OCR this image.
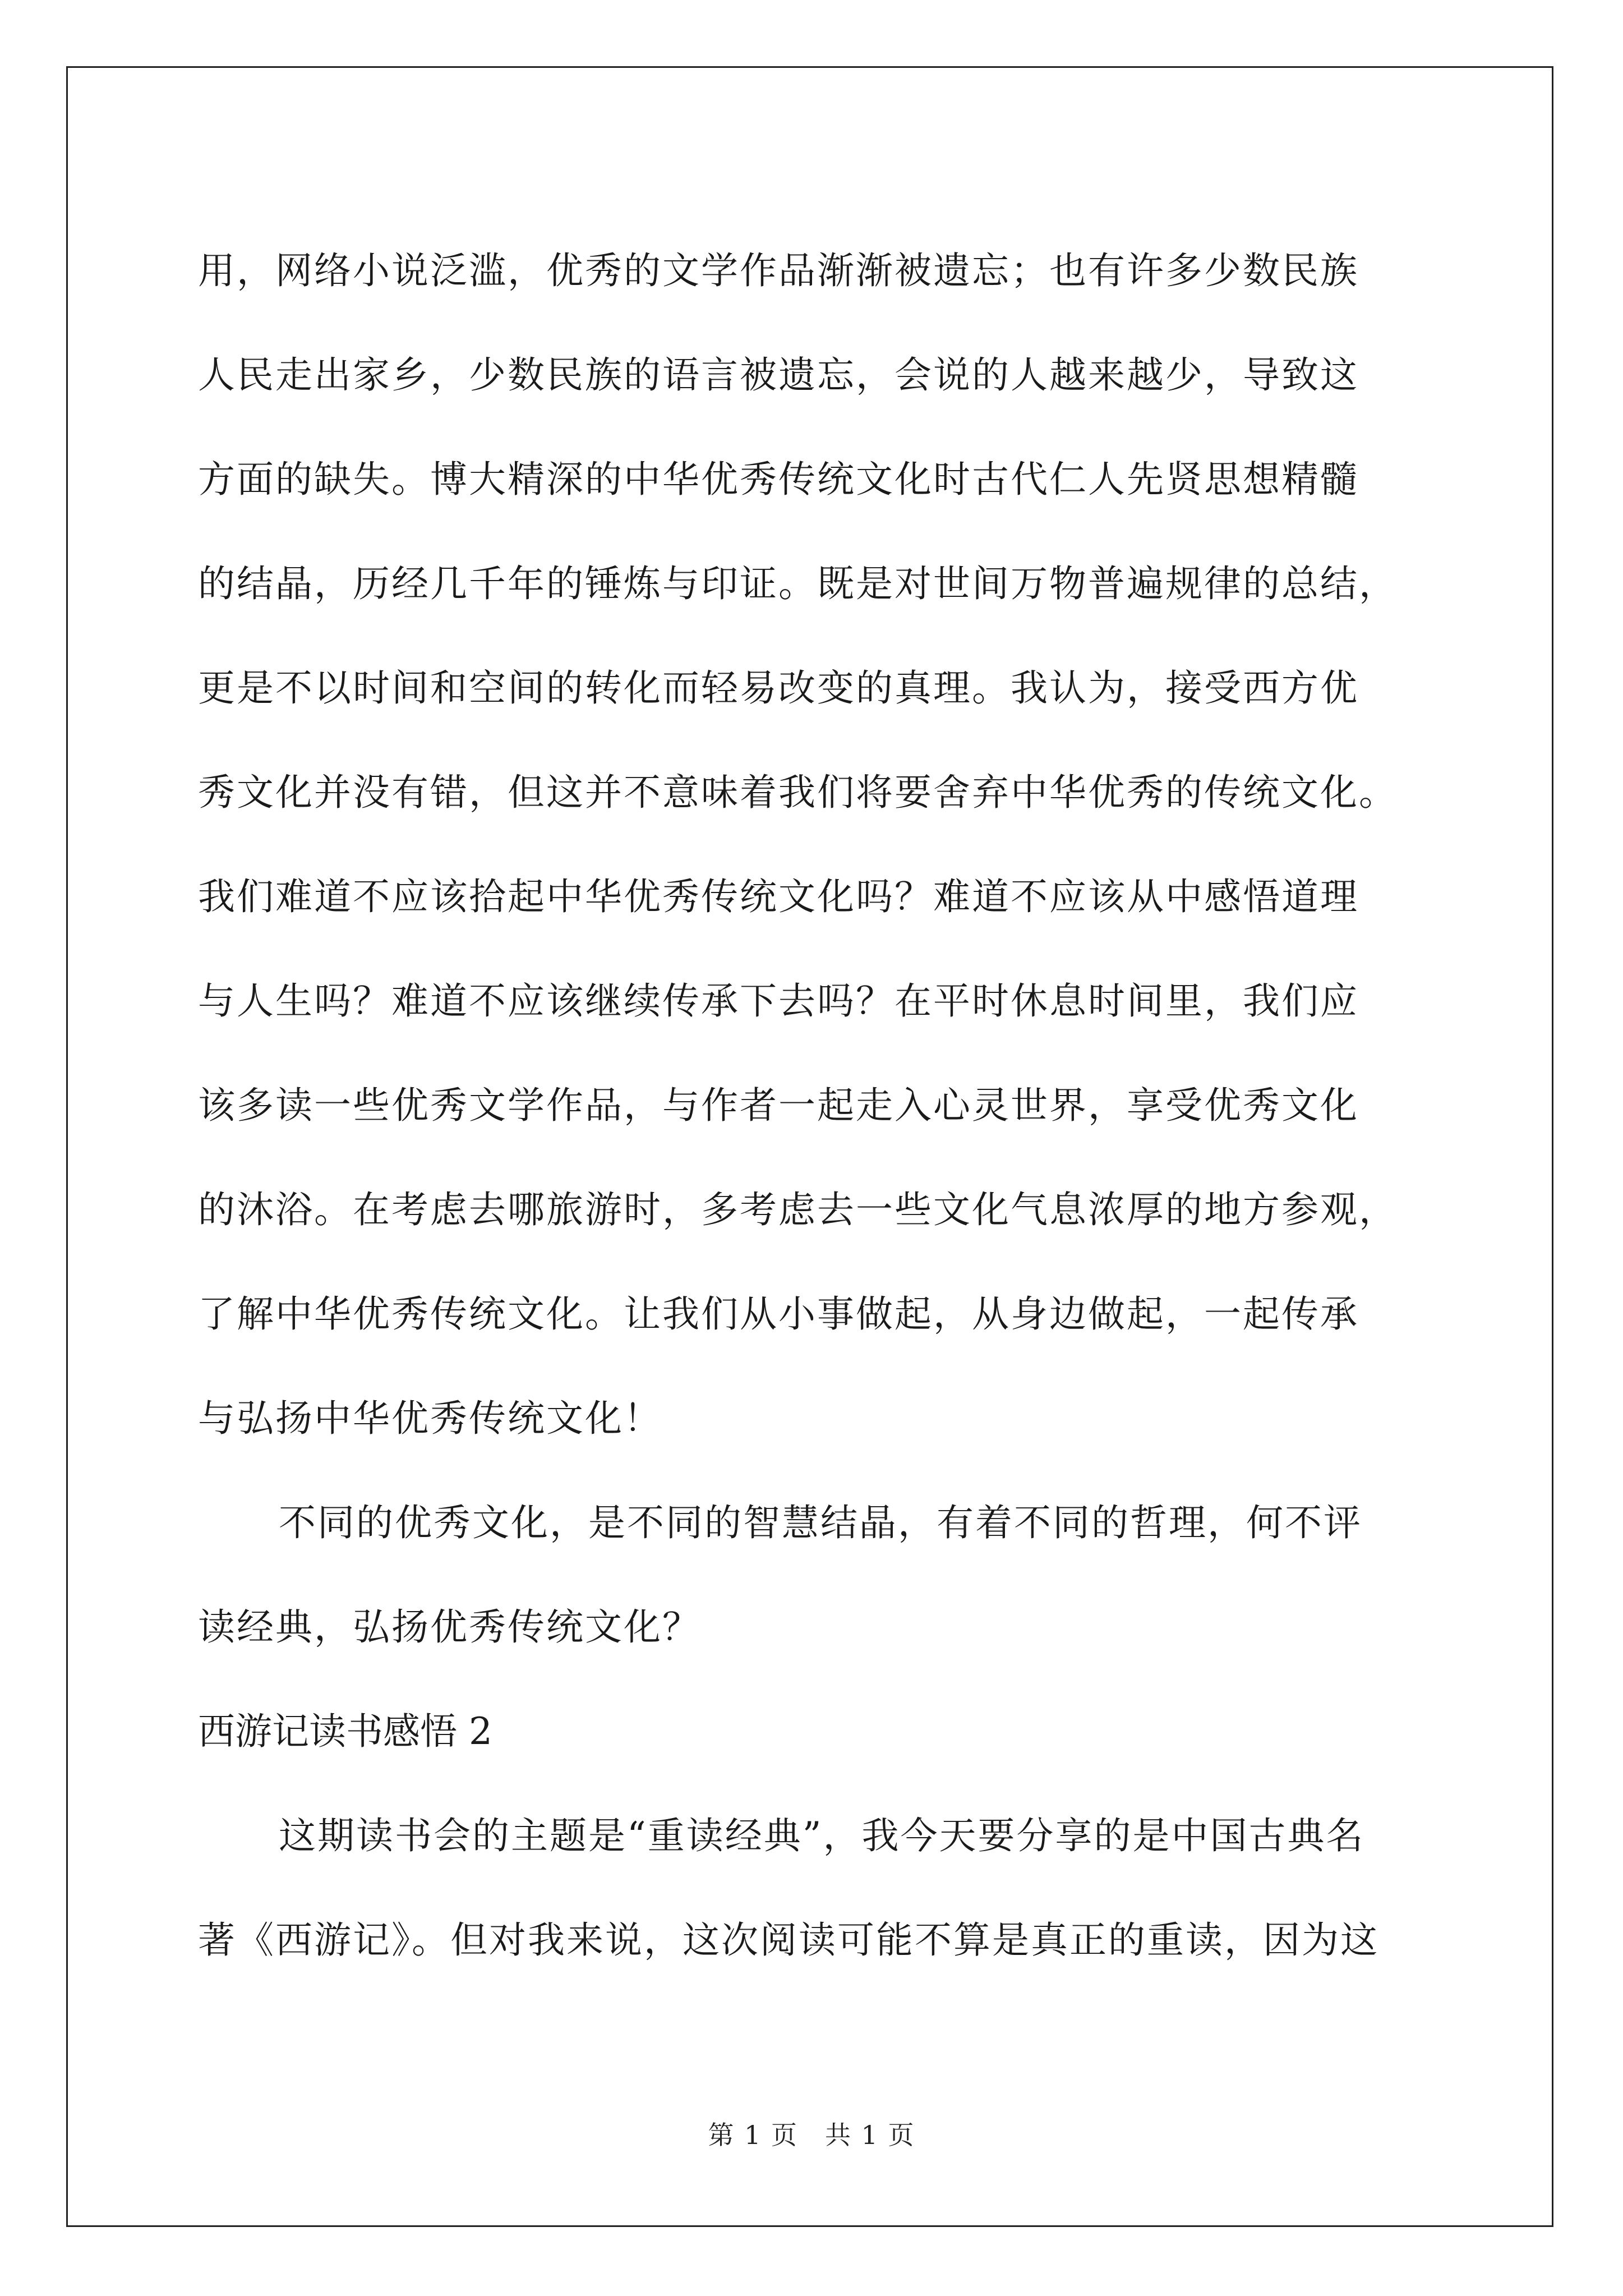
用，网络小说泛滥，优秀的文学作品渐渐被遗忘；也有许多少数民族
人民走出家乡，少数民族的语言被遗忘，会说的人越来越少，导致这
方面的缺失。博大精深的中华优秀传统文化时古代仁人先贤思想精髓
的结晶，历经几千年的锤炼与印证。既是对世间万物普遍规律的总结，
更是不以时间和空间的转化而轻易改变的真理。我认为，接受西方优
秀文化并没有错，但这并不意味着我们将要舍弃中华优秀的传统文化。
我们难道不应该拾起中华优秀传统文化吗？难道不应该从中感悟道理
与人生吗？难道不应该继续传承下去吗？在平时休息时间里，我们应
该多读一些优秀文学作品，与作者一起走入心灵世界，享受优秀文化
的沐浴。在考虑去哪旅游时，多考虑去一些文化气息浓厚的地方参观，
了解中华优秀传统文化。让我们从小事做起，从身边做起，一起传承
与弘扬中华优秀传统文化！
不同的优秀文化，是不同的智慧结晶，有着不同的哲理，何不评
读经典，弘扬优秀传统文化？
西游记读书感悟 2
这期读书会的主题是“重读经典”，我今天要分享的是中国古典名
著《西游记》。但对我来说，这次阅读可能不算是真正的重读，因为这
第 1 页　共 1 页
